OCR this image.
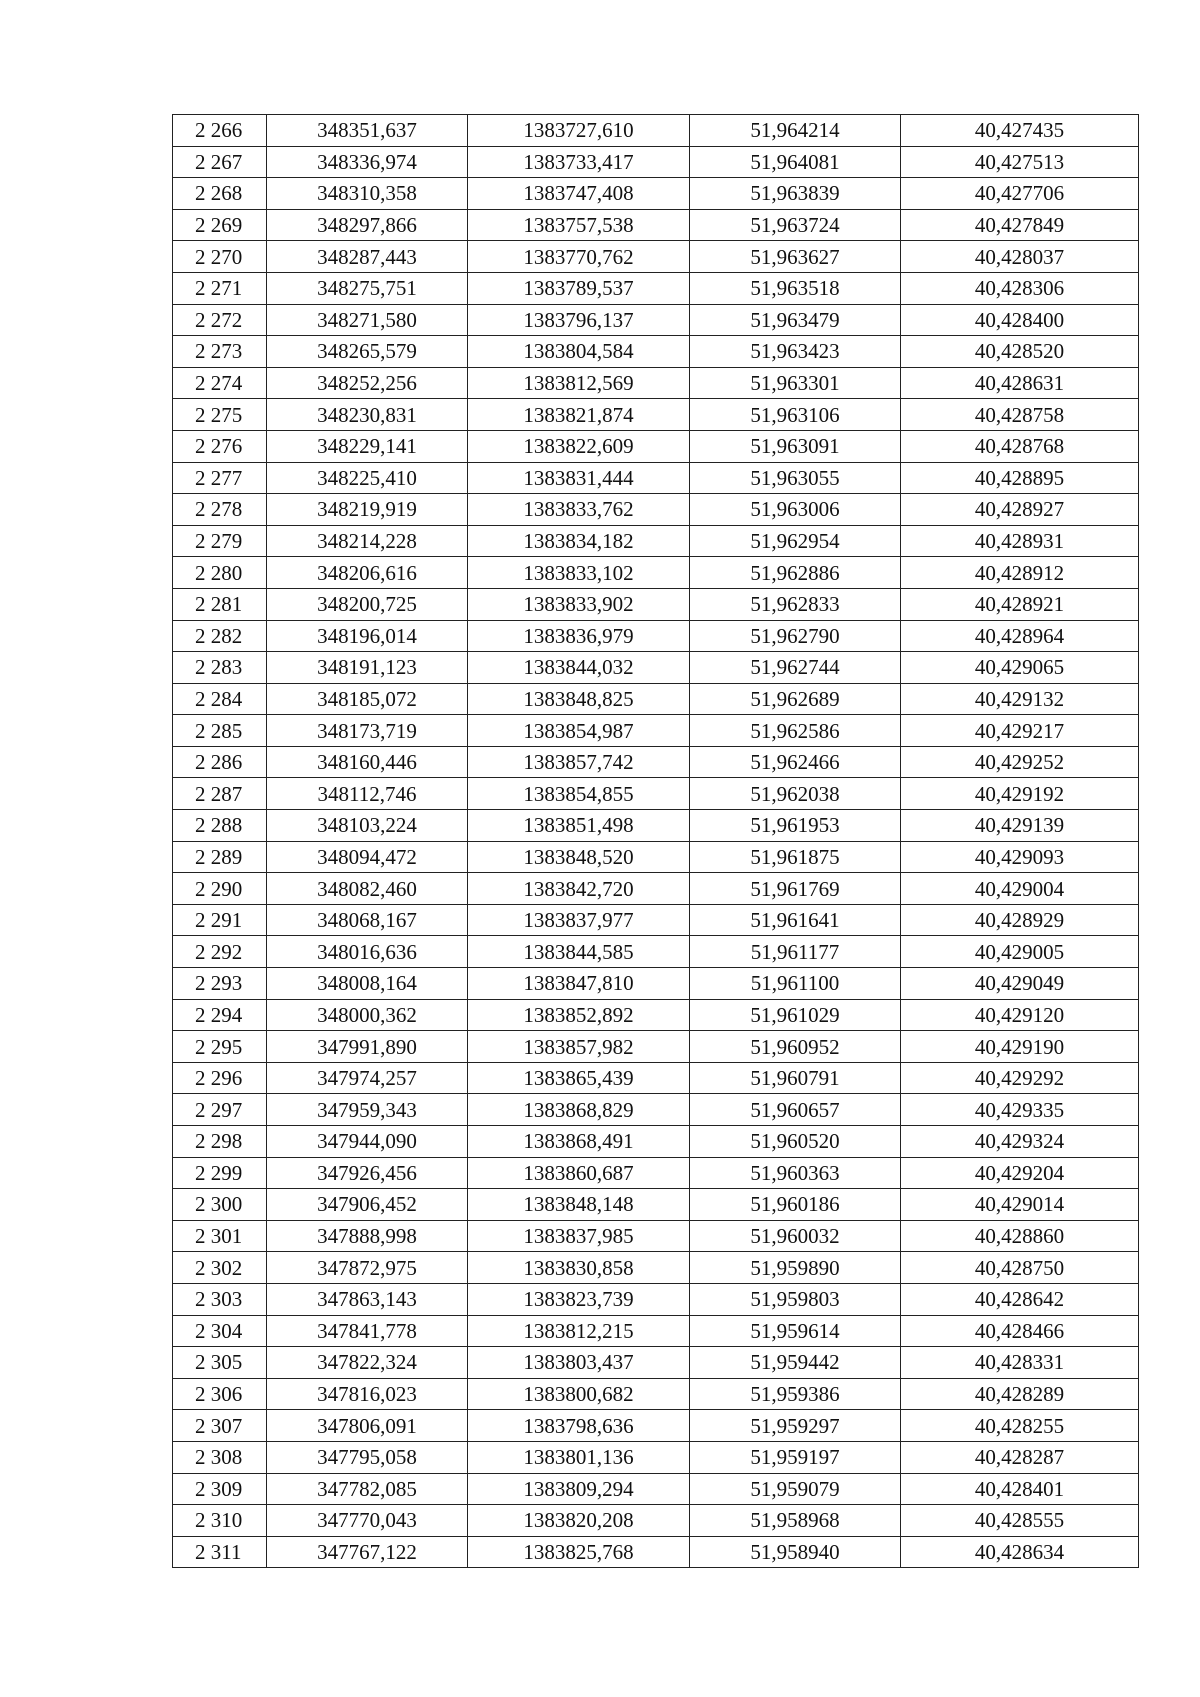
2 266	348351,637	1383727,610	51,964214	40,427435
2 267	348336,974	1383733,417	51,964081	40,427513
2 268	348310,358	1383747,408	51,963839	40,427706
2 269	348297,866	1383757,538	51,963724	40,427849
2 270	348287,443	1383770,762	51,963627	40,428037
2 271	348275,751	1383789,537	51,963518	40,428306
2 272	348271,580	1383796,137	51,963479	40,428400
2 273	348265,579	1383804,584	51,963423	40,428520
2 274	348252,256	1383812,569	51,963301	40,428631
2 275	348230,831	1383821,874	51,963106	40,428758
2 276	348229,141	1383822,609	51,963091	40,428768
2 277	348225,410	1383831,444	51,963055	40,428895
2 278	348219,919	1383833,762	51,963006	40,428927
2 279	348214,228	1383834,182	51,962954	40,428931
2 280	348206,616	1383833,102	51,962886	40,428912
2 281	348200,725	1383833,902	51,962833	40,428921
2 282	348196,014	1383836,979	51,962790	40,428964
2 283	348191,123	1383844,032	51,962744	40,429065
2 284	348185,072	1383848,825	51,962689	40,429132
2 285	348173,719	1383854,987	51,962586	40,429217
2 286	348160,446	1383857,742	51,962466	40,429252
2 287	348112,746	1383854,855	51,962038	40,429192
2 288	348103,224	1383851,498	51,961953	40,429139
2 289	348094,472	1383848,520	51,961875	40,429093
2 290	348082,460	1383842,720	51,961769	40,429004
2 291	348068,167	1383837,977	51,961641	40,428929
2 292	348016,636	1383844,585	51,961177	40,429005
2 293	348008,164	1383847,810	51,961100	40,429049
2 294	348000,362	1383852,892	51,961029	40,429120
2 295	347991,890	1383857,982	51,960952	40,429190
2 296	347974,257	1383865,439	51,960791	40,429292
2 297	347959,343	1383868,829	51,960657	40,429335
2 298	347944,090	1383868,491	51,960520	40,429324
2 299	347926,456	1383860,687	51,960363	40,429204
2 300	347906,452	1383848,148	51,960186	40,429014
2 301	347888,998	1383837,985	51,960032	40,428860
2 302	347872,975	1383830,858	51,959890	40,428750
2 303	347863,143	1383823,739	51,959803	40,428642
2 304	347841,778	1383812,215	51,959614	40,428466
2 305	347822,324	1383803,437	51,959442	40,428331
2 306	347816,023	1383800,682	51,959386	40,428289
2 307	347806,091	1383798,636	51,959297	40,428255
2 308	347795,058	1383801,136	51,959197	40,428287
2 309	347782,085	1383809,294	51,959079	40,428401
2 310	347770,043	1383820,208	51,958968	40,428555
2 311	347767,122	1383825,768	51,958940	40,428634
